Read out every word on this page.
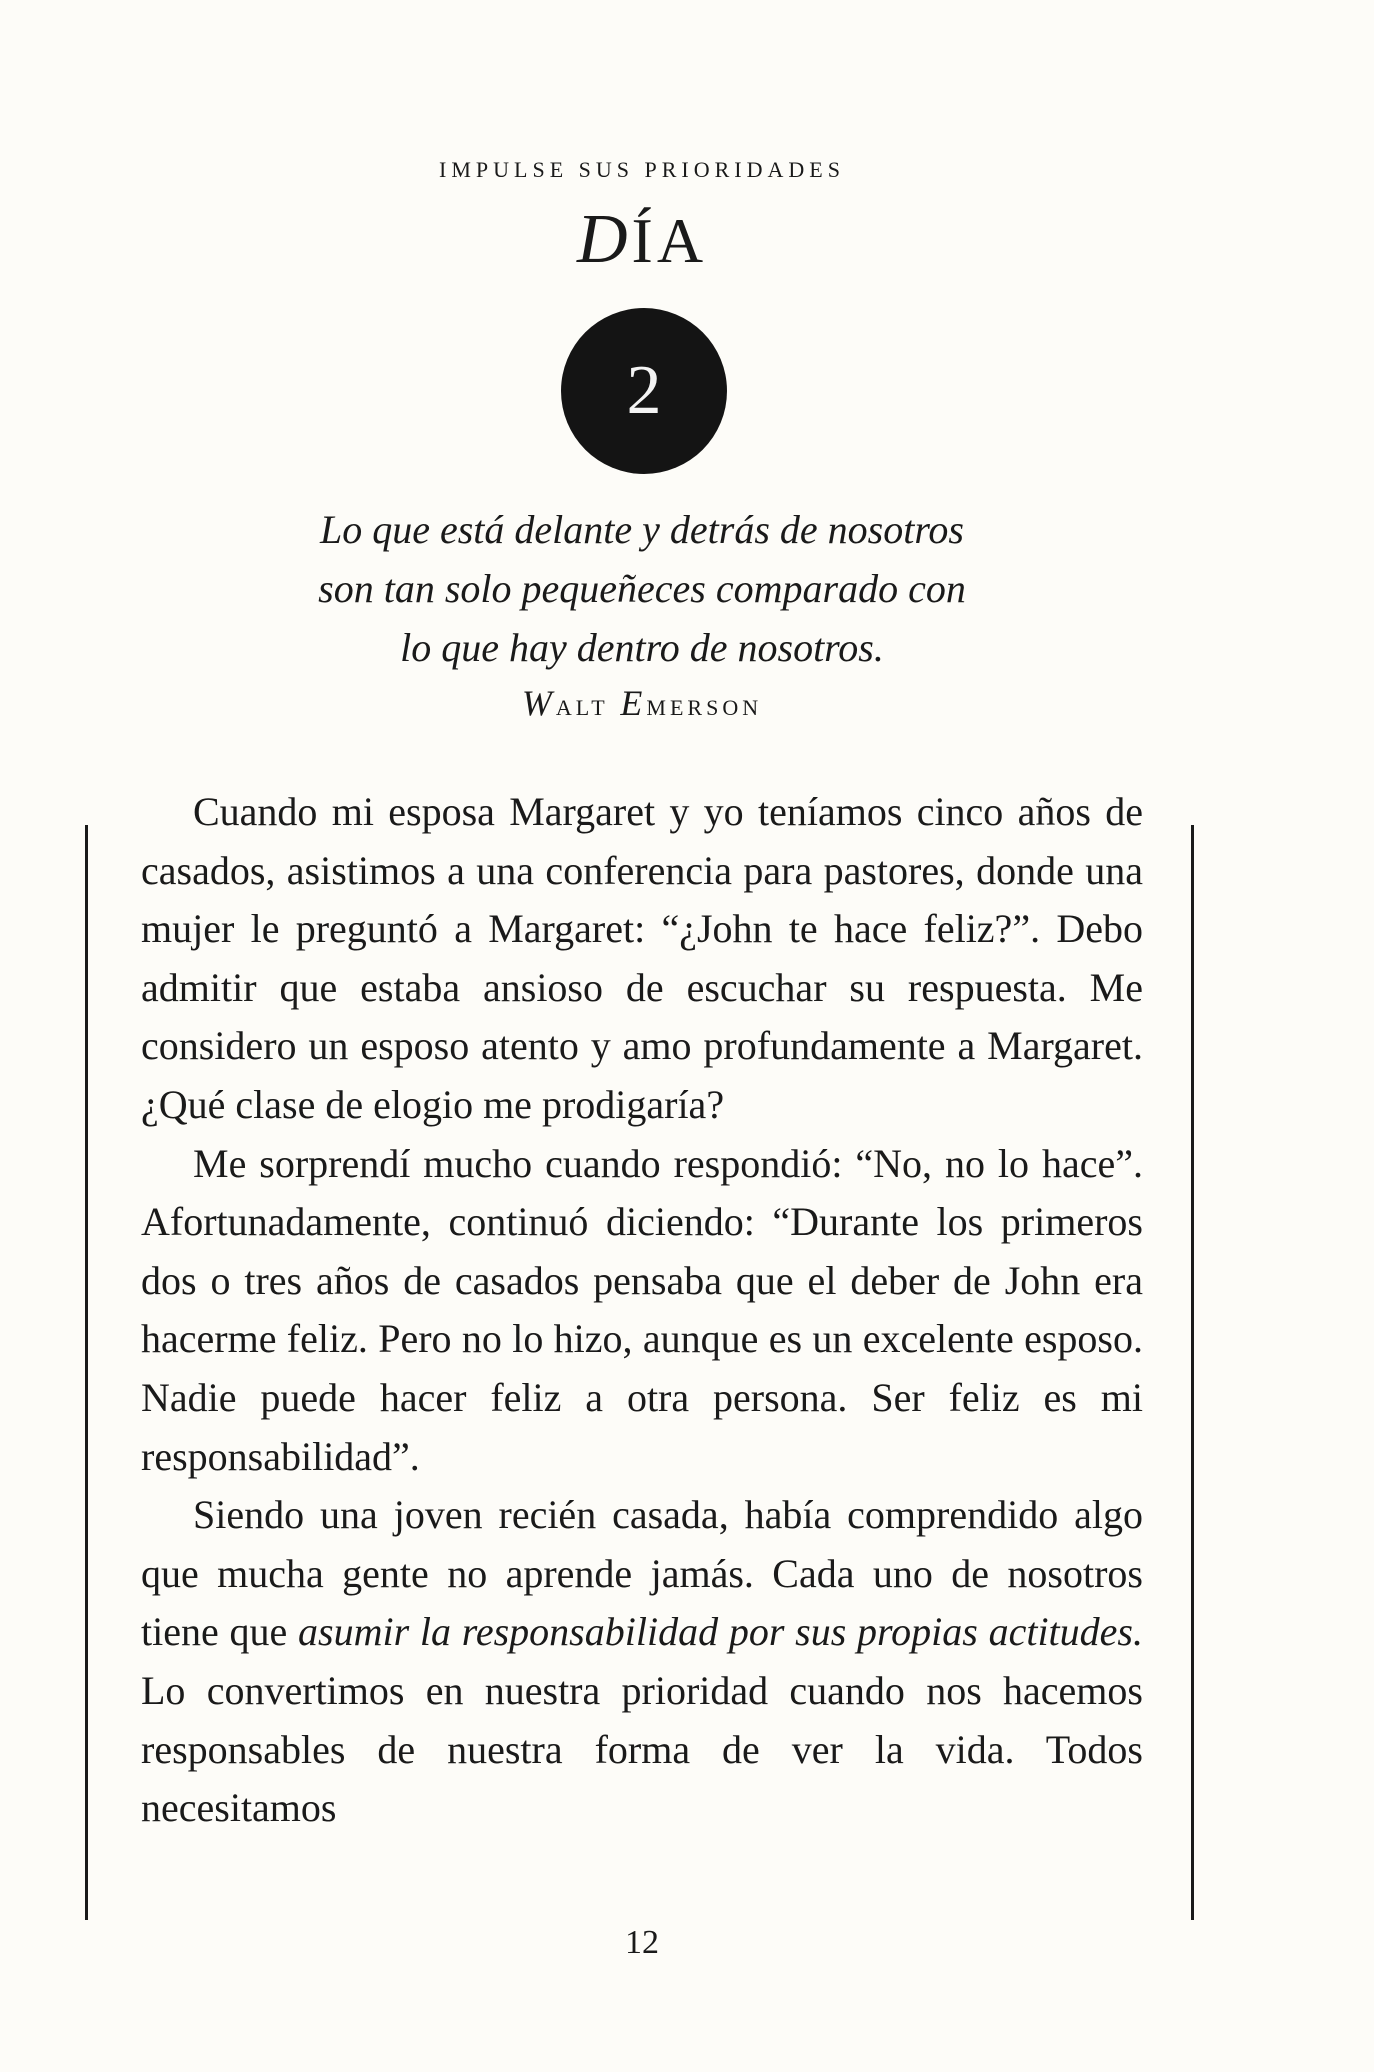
IMPULSE SUS PRIORIDADES
DÍA
2
Lo que está delante y detrás de nosotros
son tan solo pequeñeces comparado con
lo que hay dentro de nosotros.
Walt Emerson

Cuando mi esposa Margaret y yo teníamos cinco años de casados, asistimos a una conferencia para pastores, donde una mujer le preguntó a Margaret: “¿John te hace feliz?”. Debo admitir que estaba ansioso de escuchar su respuesta. Me considero un esposo atento y amo profundamente a Margaret. ¿Qué clase de elogio me prodigaría?

Me sorprendí mucho cuando respondió: “No, no lo hace”. Afortunadamente, continuó diciendo: “Durante los primeros dos o tres años de casados pensaba que el deber de John era hacerme feliz. Pero no lo hizo, aunque es un excelente esposo. Nadie puede hacer feliz a otra persona. Ser feliz es mi responsabilidad”.

Siendo una joven recién casada, había comprendido algo que mucha gente no aprende jamás. Cada uno de nosotros tiene que asumir la responsabilidad por sus propias actitudes. Lo convertimos en nuestra prioridad cuando nos hacemos responsables de nuestra forma de ver la vida. Todos necesitamos

12
